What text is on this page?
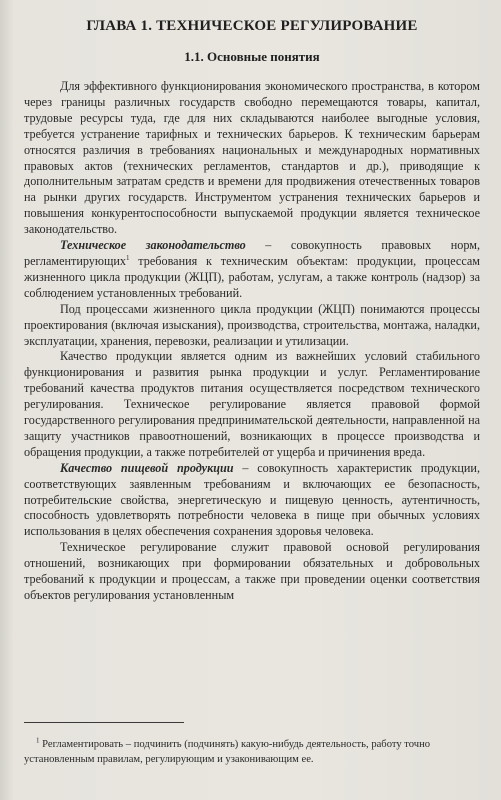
ГЛАВА 1. ТЕХНИЧЕСКОЕ РЕГУЛИРОВАНИЕ
1.1. Основные понятия

Для эффективного функционирования экономического пространства, в котором через границы различных государств свободно перемещаются товары, капитал, трудовые ресурсы туда, где для них складываются наиболее выгодные условия, требуется устранение тарифных и технических барьеров. К техническим барьерам относятся различия в требованиях национальных и международных нормативных правовых актов (технических регламентов, стандартов и др.), приводящие к дополнительным затратам средств и времени для продвижения отечественных товаров на рынки других государств. Инструментом устранения технических барьеров и повышения конкурентоспособности выпускаемой продукции является техническое законодательство.

Техническое законодательство – совокупность правовых норм, регламентирующих$^1$ требования к техническим объектам: продукции, процессам жизненного цикла продукции (ЖЦП), работам, услугам, а также контроль (надзор) за соблюдением установленных требований.

Под процессами жизненного цикла продукции (ЖЦП) понимаются процессы проектирования (включая изыскания), производства, строительства, монтажа, наладки, эксплуатации, хранения, перевозки, реализации и утилизации.

Качество продукции является одним из важнейших условий стабильного функционирования и развития рынка продукции и услуг. Регламентирование требований качества продуктов питания осуществляется посредством технического регулирования. Техническое регулирование является правовой формой государственного регулирования предпринимательской деятельности, направленной на защиту участников правоотношений, возникающих в процессе производства и обращения продукции, а также потребителей от ущерба и причинения вреда.

Качество пищевой продукции – совокупность характеристик продукции, соответствующих заявленным требованиям и включающих ее безопасность, потребительские свойства, энергетическую и пищевую ценность, аутентичность, способность удовлетворять потребности человека в пище при обычных условиях использования в целях обеспечения сохранения здоровья человека.

Техническое регулирование служит правовой основой регулирования отношений, возникающих при формировании обязательных и добровольных требований к продукции и процессам, а также при проведении оценки соответствия объектов регулирования установленным

$^1$ Регламентировать – подчинить (подчинять) какую-нибудь деятельность, работу точно установленным правилам, регулирующим и узаконивающим ее.
